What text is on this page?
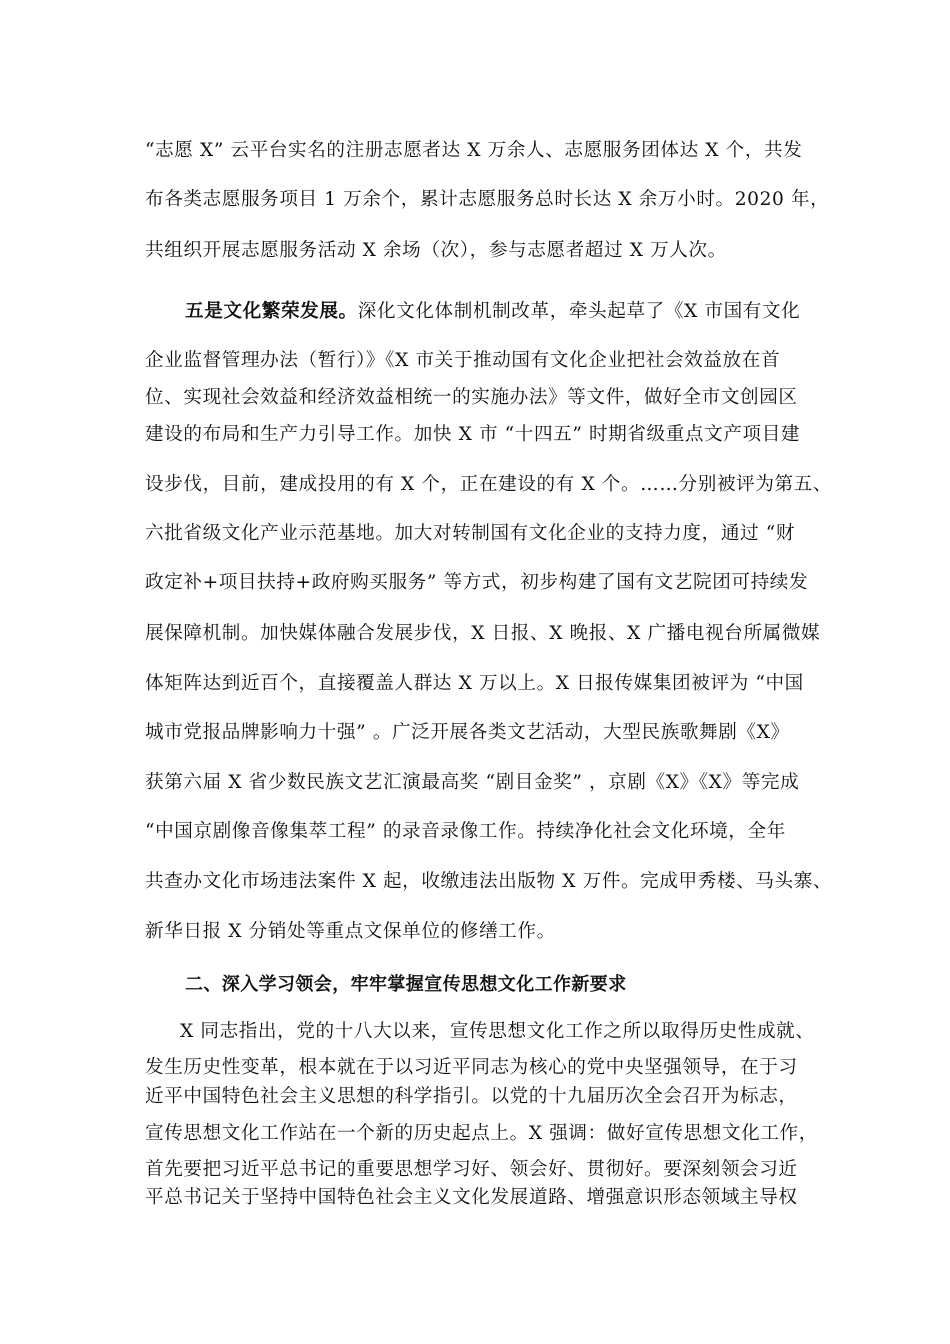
“志愿 X” 云平台实名的注册志愿者达 X 万余人、志愿服务团体达 X 个，共发
布各类志愿服务项目 1 万余个，累计志愿服务总时长达 X 余万小时。2020 年，
共组织开展志愿服务活动 X 余场（次），参与志愿者超过 X 万人次。
五是文化繁荣发展。深化文化体制机制改革，牵头起草了《X 市国有文化
企业监督管理办法（暂行）》《X 市关于推动国有文化企业把社会效益放在首
位、实现社会效益和经济效益相统一的实施办法》等文件，做好全市文创园区
建设的布局和生产力引导工作。加快 X 市 “十四五” 时期省级重点文产项目建
设步伐，目前，建成投用的有 X 个，正在建设的有 X 个。……分别被评为第五、
六批省级文化产业示范基地。加大对转制国有文化企业的支持力度，通过 “财
政定补+项目扶持+政府购买服务” 等方式，初步构建了国有文艺院团可持续发
展保障机制。加快媒体融合发展步伐，X 日报、X 晚报、X 广播电视台所属微媒
体矩阵达到近百个，直接覆盖人群达 X 万以上。X 日报传媒集团被评为 “中国
城市党报品牌影响力十强” 。广泛开展各类文艺活动，大型民族歌舞剧《X》
获第六届 X 省少数民族文艺汇演最高奖 “剧目金奖” ，京剧《X》《X》等完成
“中国京剧像音像集萃工程” 的录音录像工作。持续净化社会文化环境，全年
共查办文化市场违法案件 X 起，收缴违法出版物 X 万件。完成甲秀楼、马头寨、
新华日报 X 分销处等重点文保单位的修缮工作。
二、深入学习领会，牢牢掌握宣传思想文化工作新要求
X 同志指出，党的十八大以来，宣传思想文化工作之所以取得历史性成就、
发生历史性变革，根本就在于以习近平同志为核心的党中央坚强领导，在于习
近平中国特色社会主义思想的科学指引。以党的十九届历次全会召开为标志，
宣传思想文化工作站在一个新的历史起点上。X 强调：做好宣传思想文化工作，
首先要把习近平总书记的重要思想学习好、领会好、贯彻好。要深刻领会习近
平总书记关于坚持中国特色社会主义文化发展道路、增强意识形态领域主导权
